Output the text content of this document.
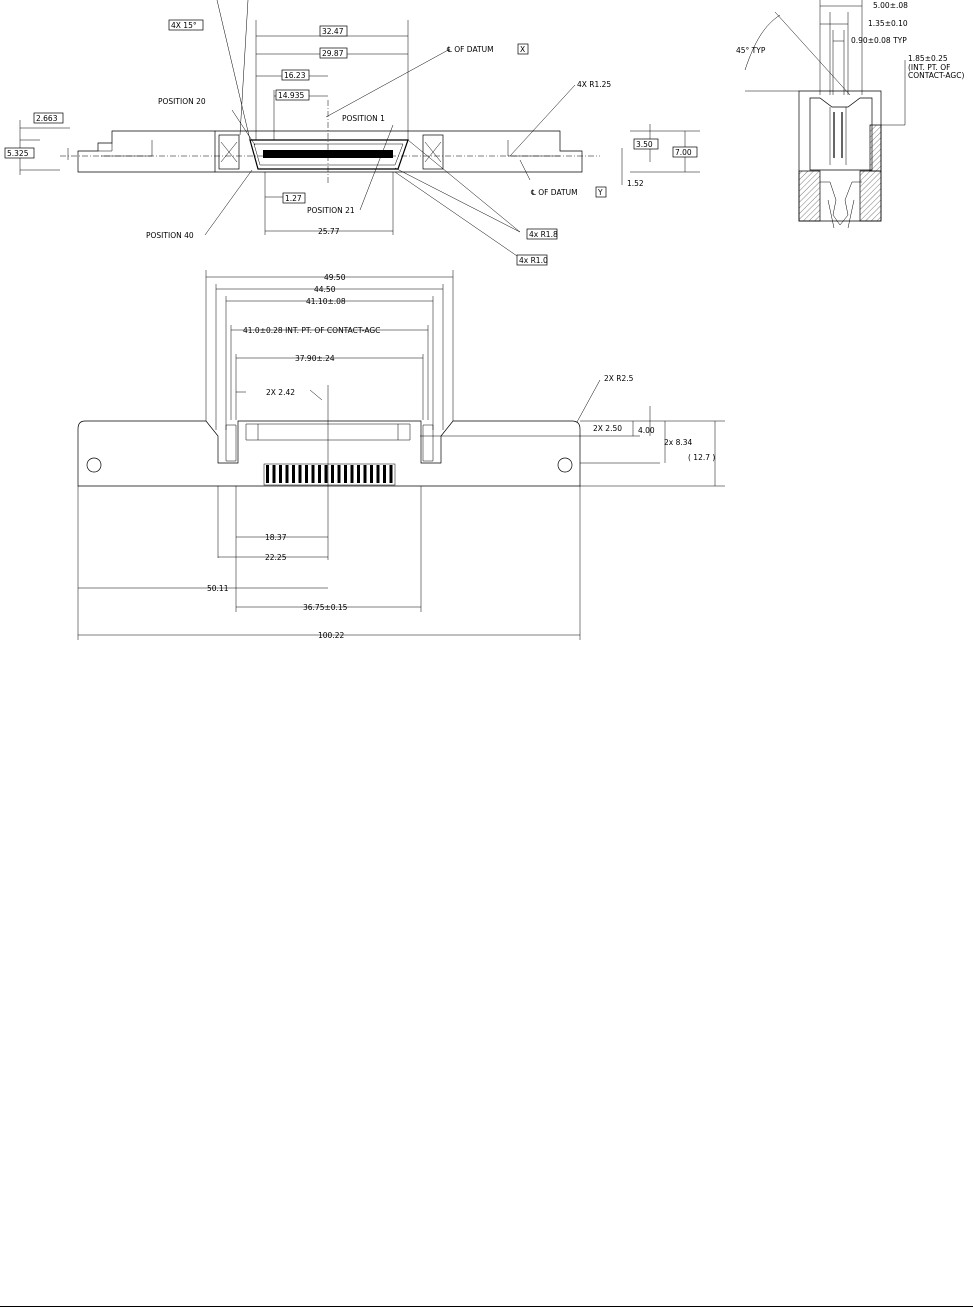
4X 15°
32.47
29.87
16.23
14.935
2.663
5.325
POSITION 20
POSITION 1
POSITION 21
POSITION 40
℄ OF DATUM	X
℄ OF DATUM	Y
4X R1.25
4x R1.8
4x R1.0
3.50
7.00
1.52
1.27
25.77
5.00±.08
1.35±0.10
0.90±0.08 TYP
45° TYP
1.85±0.25
(INT. PT. OF
CONTACT-AGC)
49.50
44.50
41.10±.08
41.0±0.28 INT. PT. OF CONTACT-AGC
37.90±.24
2X 2.42
2X R2.5
2X 2.50 4.00
2x 8.34
( 12.7 )
18.37
22.25
50.11
36.75±0.15
100.22
